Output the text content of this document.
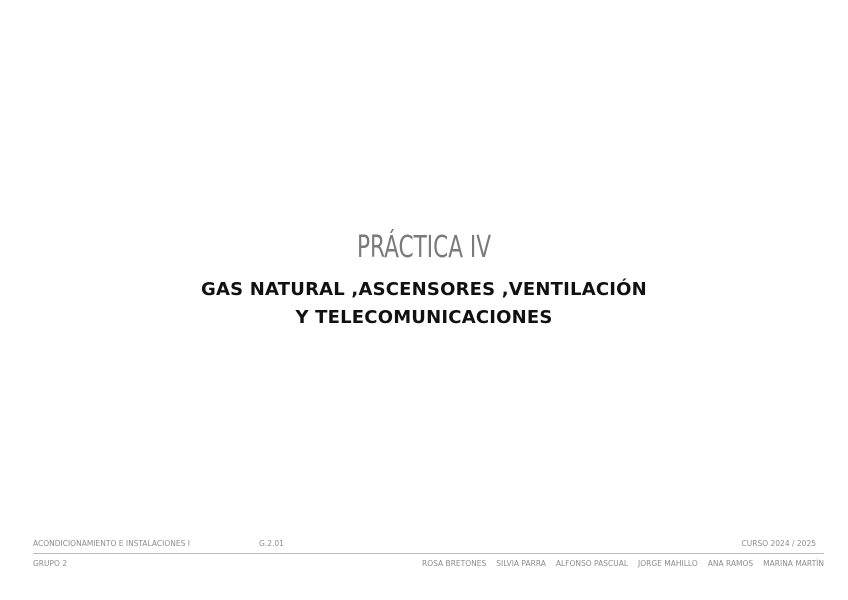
PRÁCTICA IV
GAS NATURAL ,ASCENSORES ,VENTILACIÓN
Y TELECOMUNICACIONES
ACONDICIONAMIENTO E INSTALACIONES I	G.2.01	CURSO 2024 / 2025
GRUPO 2	ROSA BRETONES SILVIA PARRA ALFONSO PASCUAL JORGE MAHILLO ANA RAMOS MARINA MARTÍN
